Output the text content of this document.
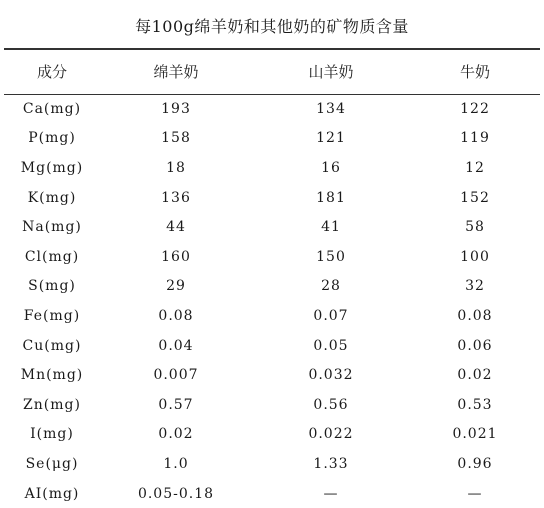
每100g绵羊奶和其他奶的矿物质含量
成分	绵羊奶	山羊奶	牛奶
Ca(mg)	193	134	122
P(mg)	158	121	119
Mg(mg)	18	16	12
K(mg)	136	181	152
Na(mg)	44	41	58
Cl(mg)	160	150	100
S(mg)	29	28	32
Fe(mg)	0.08	0.07	0.08
Cu(mg)	0.04	0.05	0.06
Mn(mg)	0.007	0.032	0.02
Zn(mg)	0.57	0.56	0.53
I(mg)	0.02	0.022	0.021
Se(μg)	1.0	1.33	0.96
AI(mg)	0.05-0.18	—	—
